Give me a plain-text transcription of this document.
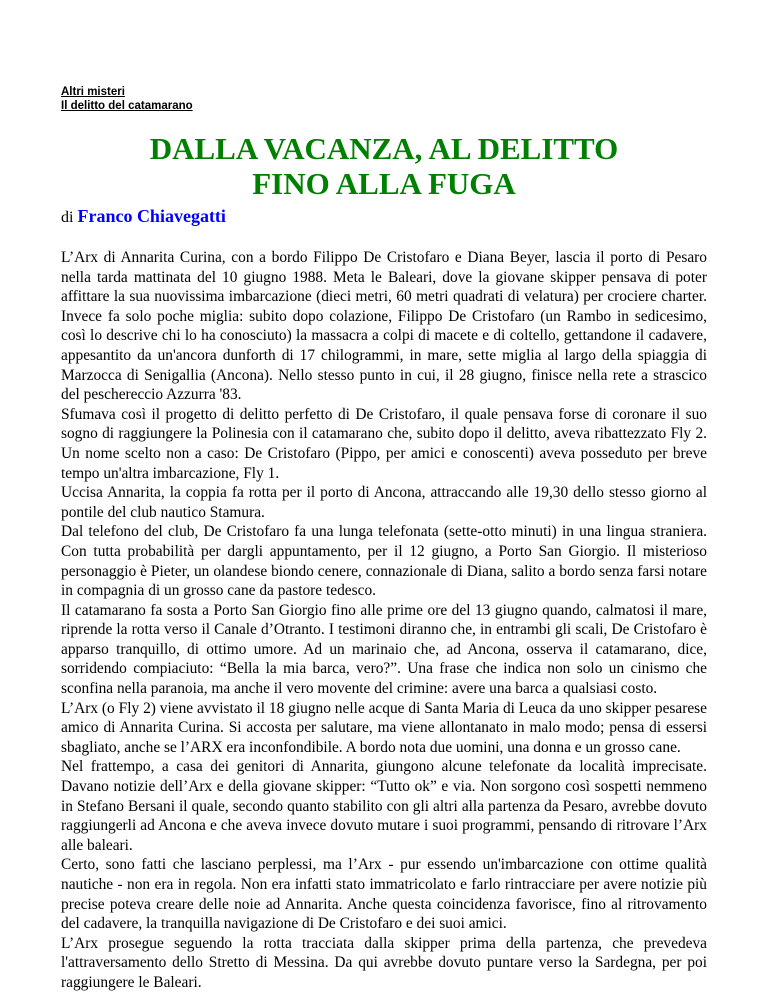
Altri misteri
Il delitto del catamarano
DALLA VACANZA, AL DELITTO
FINO ALLA FUGA
di Franco Chiavegatti

L’Arx di Annarita Curina, con a bordo Filippo De Cristofaro e Diana Beyer, lascia il porto di Pesaro nella tarda mattinata del 10 giugno 1988. Meta le Baleari, dove la giovane skipper pensava di poter affittare la sua nuovissima imbarcazione (dieci metri, 60 metri quadrati di velatura) per crociere charter. Invece fa solo poche miglia: subito dopo colazione, Filippo De Cristofaro (un Rambo in sedicesimo, così lo descrive chi lo ha conosciuto) la massacra a colpi di macete e di coltello, gettandone il cadavere, appesantito da un'ancora dunforth di 17 chilogrammi, in mare, sette miglia al largo della spiaggia di Marzocca di Senigallia (Ancona). Nello stesso punto in cui, il 28 giugno, finisce nella rete a strascico del peschereccio Azzurra '83.

Sfumava così il progetto di delitto perfetto di De Cristofaro, il quale pensava forse di coronare il suo sogno di raggiungere la Polinesia con il catamarano che, subito dopo il delitto, aveva ribattezzato Fly 2. Un nome scelto non a caso: De Cristofaro (Pippo, per amici e conoscenti) aveva posseduto per breve tempo un'altra imbarcazione, Fly 1.

Uccisa Annarita, la coppia fa rotta per il porto di Ancona, attraccando alle 19,30 dello stesso giorno al pontile del club nautico Stamura.

Dal telefono del club, De Cristofaro fa una lunga telefonata (sette-otto minuti) in una lingua straniera. Con tutta probabilità per dargli appuntamento, per il 12 giugno, a Porto San Giorgio. Il misterioso personaggio è Pieter, un olandese biondo cenere, connazionale di Diana, salito a bordo senza farsi notare in compagnia di un grosso cane da pastore tedesco.

Il catamarano fa sosta a Porto San Giorgio fino alle prime ore del 13 giugno quando, calmatosi il mare, riprende la rotta verso il Canale d’Otranto. I testimoni diranno che, in entrambi gli scali, De Cristofaro è apparso tranquillo, di ottimo umore. Ad un marinaio che, ad Ancona, osserva il catamarano, dice, sorridendo compiaciuto: “Bella la mia barca, vero?”. Una frase che indica non solo un cinismo che sconfina nella paranoia, ma anche il vero movente del crimine: avere una barca a qualsiasi costo.

L’Arx (o Fly 2) viene avvistato il 18 giugno nelle acque di Santa Maria di Leuca da uno skipper pesarese amico di Annarita Curina. Si accosta per salutare, ma viene allontanato in malo modo; pensa di essersi sbagliato, anche se l’ARX era inconfondibile. A bordo nota due uomini, una donna e un grosso cane.

Nel frattempo, a casa dei genitori di Annarita, giungono alcune telefonate da località imprecisate. Davano notizie dell’Arx e della giovane skipper: “Tutto ok” e via. Non sorgono così sospetti nemmeno in Stefano Bersani il quale, secondo quanto stabilito con gli altri alla partenza da Pesaro, avrebbe dovuto raggiungerli ad Ancona e che aveva invece dovuto mutare i suoi programmi, pensando di ritrovare l’Arx alle baleari.

Certo, sono fatti che lasciano perplessi, ma l’Arx - pur essendo un'imbarcazione con ottime qualità nautiche - non era in regola. Non era infatti stato immatricolato e farlo rintracciare per avere notizie più precise poteva creare delle noie ad Annarita. Anche questa coincidenza favorisce, fino al ritrovamento del cadavere, la tranquilla navigazione di De Cristofaro e dei suoi amici.

L’Arx prosegue seguendo la rotta tracciata dalla skipper prima della partenza, che prevedeva l'attraversamento dello Stretto di Messina. Da qui avrebbe dovuto puntare verso la Sardegna, per poi raggiungere le Baleari.
